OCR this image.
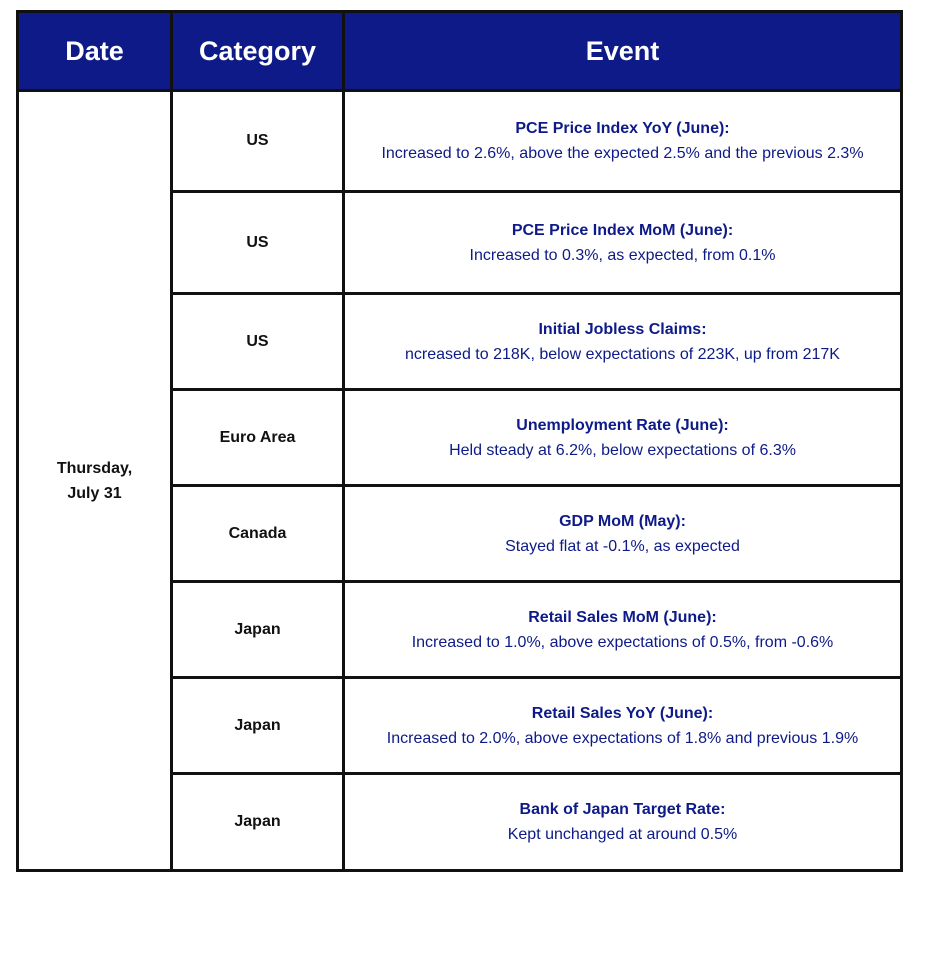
Date	Category	Event

Thursday,
July 31	US	PCE Price Index YoY (June):
Increased to 2.6%, above the expected 2.5% and the previous 2.3%

	US	PCE Price Index MoM (June):
Increased to 0.3%, as expected, from 0.1%

	US	Initial Jobless Claims:
ncreased to 218K, below expectations of 223K, up from 217K

	Euro Area	Unemployment Rate (June):
Held steady at 6.2%, below expectations of 6.3%

	Canada	GDP MoM (May):
Stayed flat at -0.1%, as expected

	Japan	Retail Sales MoM (June):
Increased to 1.0%, above expectations of 0.5%, from -0.6%

	Japan	Retail Sales YoY (June):
Increased to 2.0%, above expectations of 1.8% and previous 1.9%

	Japan	Bank of Japan Target Rate:
Kept unchanged at around 0.5%
